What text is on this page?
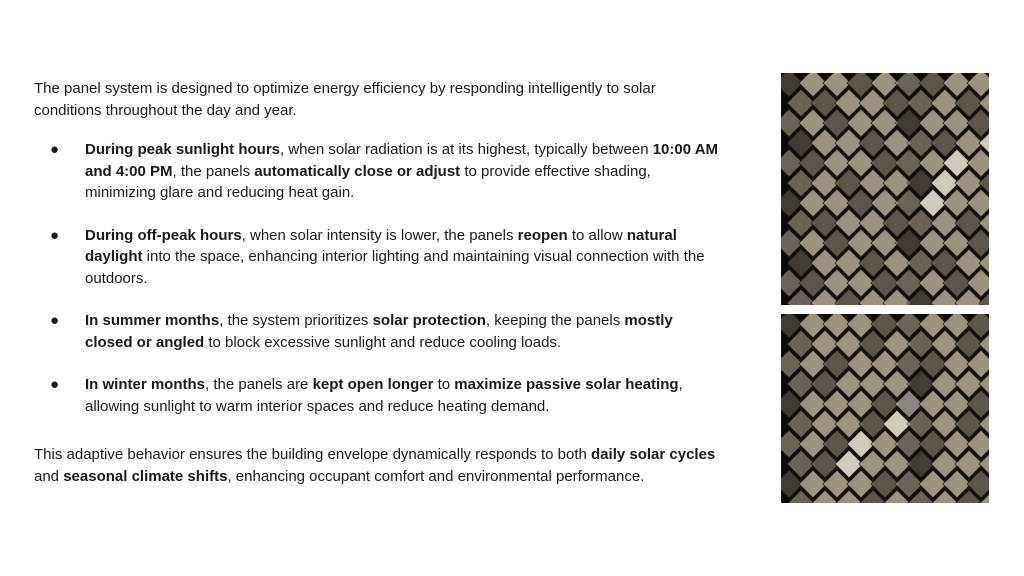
The panel system is designed to optimize energy efficiency by responding intelligently to solar conditions throughout the day and year.

● During peak sunlight hours, when solar radiation is at its highest, typically between 10:00 AM and 4:00 PM, the panels automatically close or adjust to provide effective shading, minimizing glare and reducing heat gain.
● During off-peak hours, when solar intensity is lower, the panels reopen to allow natural daylight into the space, enhancing interior lighting and maintaining visual connection with the outdoors.
● In summer months, the system prioritizes solar protection, keeping the panels mostly closed or angled to block excessive sunlight and reduce cooling loads.
● In winter months, the panels are kept open longer to maximize passive solar heating, allowing sunlight to warm interior spaces and reduce heating demand.

This adaptive behavior ensures the building envelope dynamically responds to both daily solar cycles and seasonal climate shifts, enhancing occupant comfort and environmental performance.
